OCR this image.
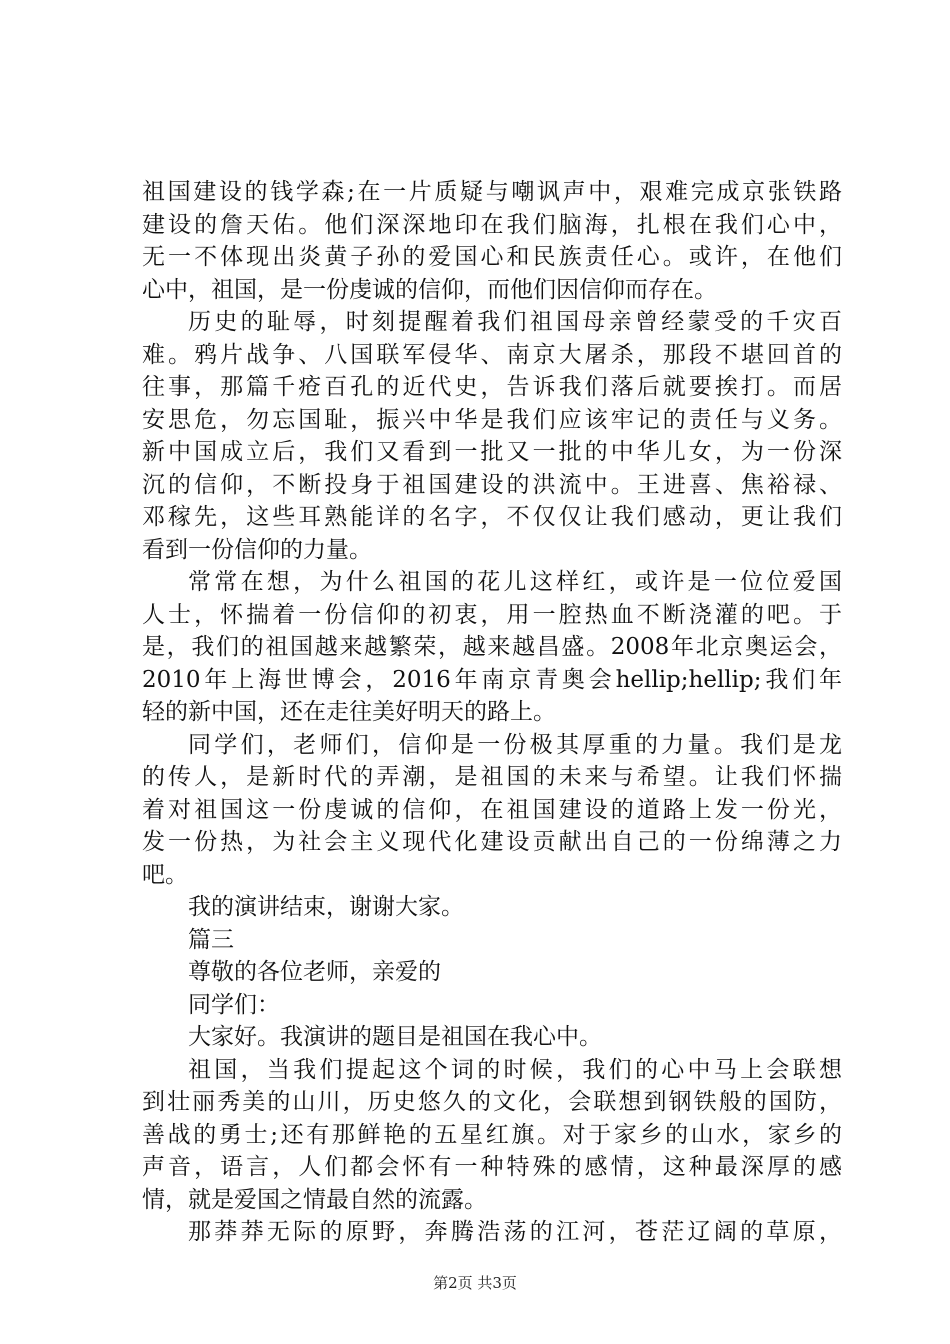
祖国建设的钱学森;在一片质疑与嘲讽声中，艰难完成京张铁路
建设的詹天佑。他们深深地印在我们脑海，扎根在我们心中，
无一不体现出炎黄子孙的爱国心和民族责任心。或许，在他们
心中，祖国，是一份虔诚的信仰，而他们因信仰而存在。
历史的耻辱，时刻提醒着我们祖国母亲曾经蒙受的千灾百
难。鸦片战争、八国联军侵华、南京大屠杀，那段不堪回首的
往事，那篇千疮百孔的近代史，告诉我们落后就要挨打。而居
安思危，勿忘国耻，振兴中华是我们应该牢记的责任与义务。
新中国成立后，我们又看到一批又一批的中华儿女，为一份深
沉的信仰，不断投身于祖国建设的洪流中。王进喜、焦裕禄、
邓稼先，这些耳熟能详的名字，不仅仅让我们感动，更让我们
看到一份信仰的力量。
常常在想，为什么祖国的花儿这样红，或许是一位位爱国
人士，怀揣着一份信仰的初衷，用一腔热血不断浇灌的吧。于
是，我们的祖国越来越繁荣，越来越昌盛。2008年北京奥运会，
2010年上海世博会，2016年南京青奥会hellip;hellip;我们年
轻的新中国，还在走往美好明天的路上。
同学们，老师们，信仰是一份极其厚重的力量。我们是龙
的传人，是新时代的弄潮，是祖国的未来与希望。让我们怀揣
着对祖国这一份虔诚的信仰，在祖国建设的道路上发一份光，
发一份热，为社会主义现代化建设贡献出自己的一份绵薄之力
吧。
我的演讲结束，谢谢大家。
篇三
尊敬的各位老师，亲爱的
同学们：
大家好。我演讲的题目是祖国在我心中。
祖国，当我们提起这个词的时候，我们的心中马上会联想
到壮丽秀美的山川，历史悠久的文化，会联想到钢铁般的国防，
善战的勇士;还有那鲜艳的五星红旗。对于家乡的山水，家乡的
声音，语言，人们都会怀有一种特殊的感情，这种最深厚的感
情，就是爱国之情最自然的流露。
那莽莽无际的原野，奔腾浩荡的江河，苍茫辽阔的草原，
第2页 共3页
